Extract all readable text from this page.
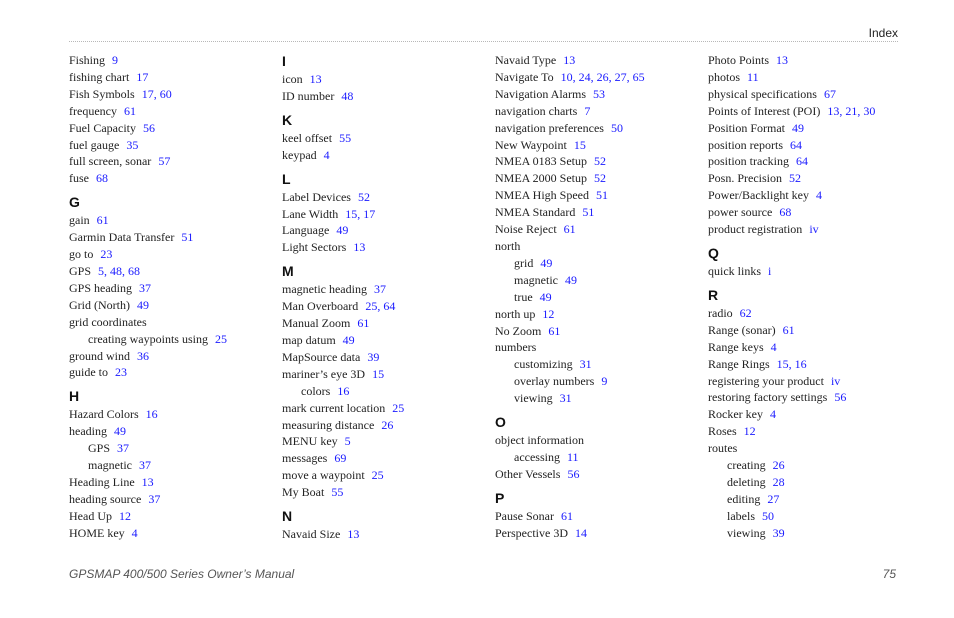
Index
Fishing 9
fishing chart 17
Fish Symbols 17, 60
frequency 61
Fuel Capacity 56
fuel gauge 35
full screen, sonar 57
fuse 68
G
gain 61
Garmin Data Transfer 51
go to 23
GPS 5, 48, 68
GPS heading 37
Grid (North) 49
grid coordinates
creating waypoints using 25
ground wind 36
guide to 23
H
Hazard Colors 16
heading 49
GPS 37
magnetic 37
Heading Line 13
heading source 37
Head Up 12
HOME key 4
I
icon 13
ID number 48
K
keel offset 55
keypad 4
L
Label Devices 52
Lane Width 15, 17
Language 49
Light Sectors 13
M
magnetic heading 37
Man Overboard 25, 64
Manual Zoom 61
map datum 49
MapSource data 39
mariner’s eye 3D 15
colors 16
mark current location 25
measuring distance 26
MENU key 5
messages 69
move a waypoint 25
My Boat 55
N
Navaid Size 13
Navaid Type 13
Navigate To 10, 24, 26, 27, 65
Navigation Alarms 53
navigation charts 7
navigation preferences 50
New Waypoint 15
NMEA 0183 Setup 52
NMEA 2000 Setup 52
NMEA High Speed 51
NMEA Standard 51
Noise Reject 61
north
grid 49
magnetic 49
true 49
north up 12
No Zoom 61
numbers
customizing 31
overlay numbers 9
viewing 31
O
object information
accessing 11
Other Vessels 56
P
Pause Sonar 61
Perspective 3D 14
Photo Points 13
photos 11
physical specifications 67
Points of Interest (POI) 13, 21, 30
Position Format 49
position reports 64
position tracking 64
Posn. Precision 52
Power/Backlight key 4
power source 68
product registration iv
Q
quick links i
R
radio 62
Range (sonar) 61
Range keys 4
Range Rings 15, 16
registering your product iv
restoring factory settings 56
Rocker key 4
Roses 12
routes
creating 26
deleting 28
editing 27
labels 50
viewing 39
GPSMAP 400/500 Series Owner’s Manual	75
